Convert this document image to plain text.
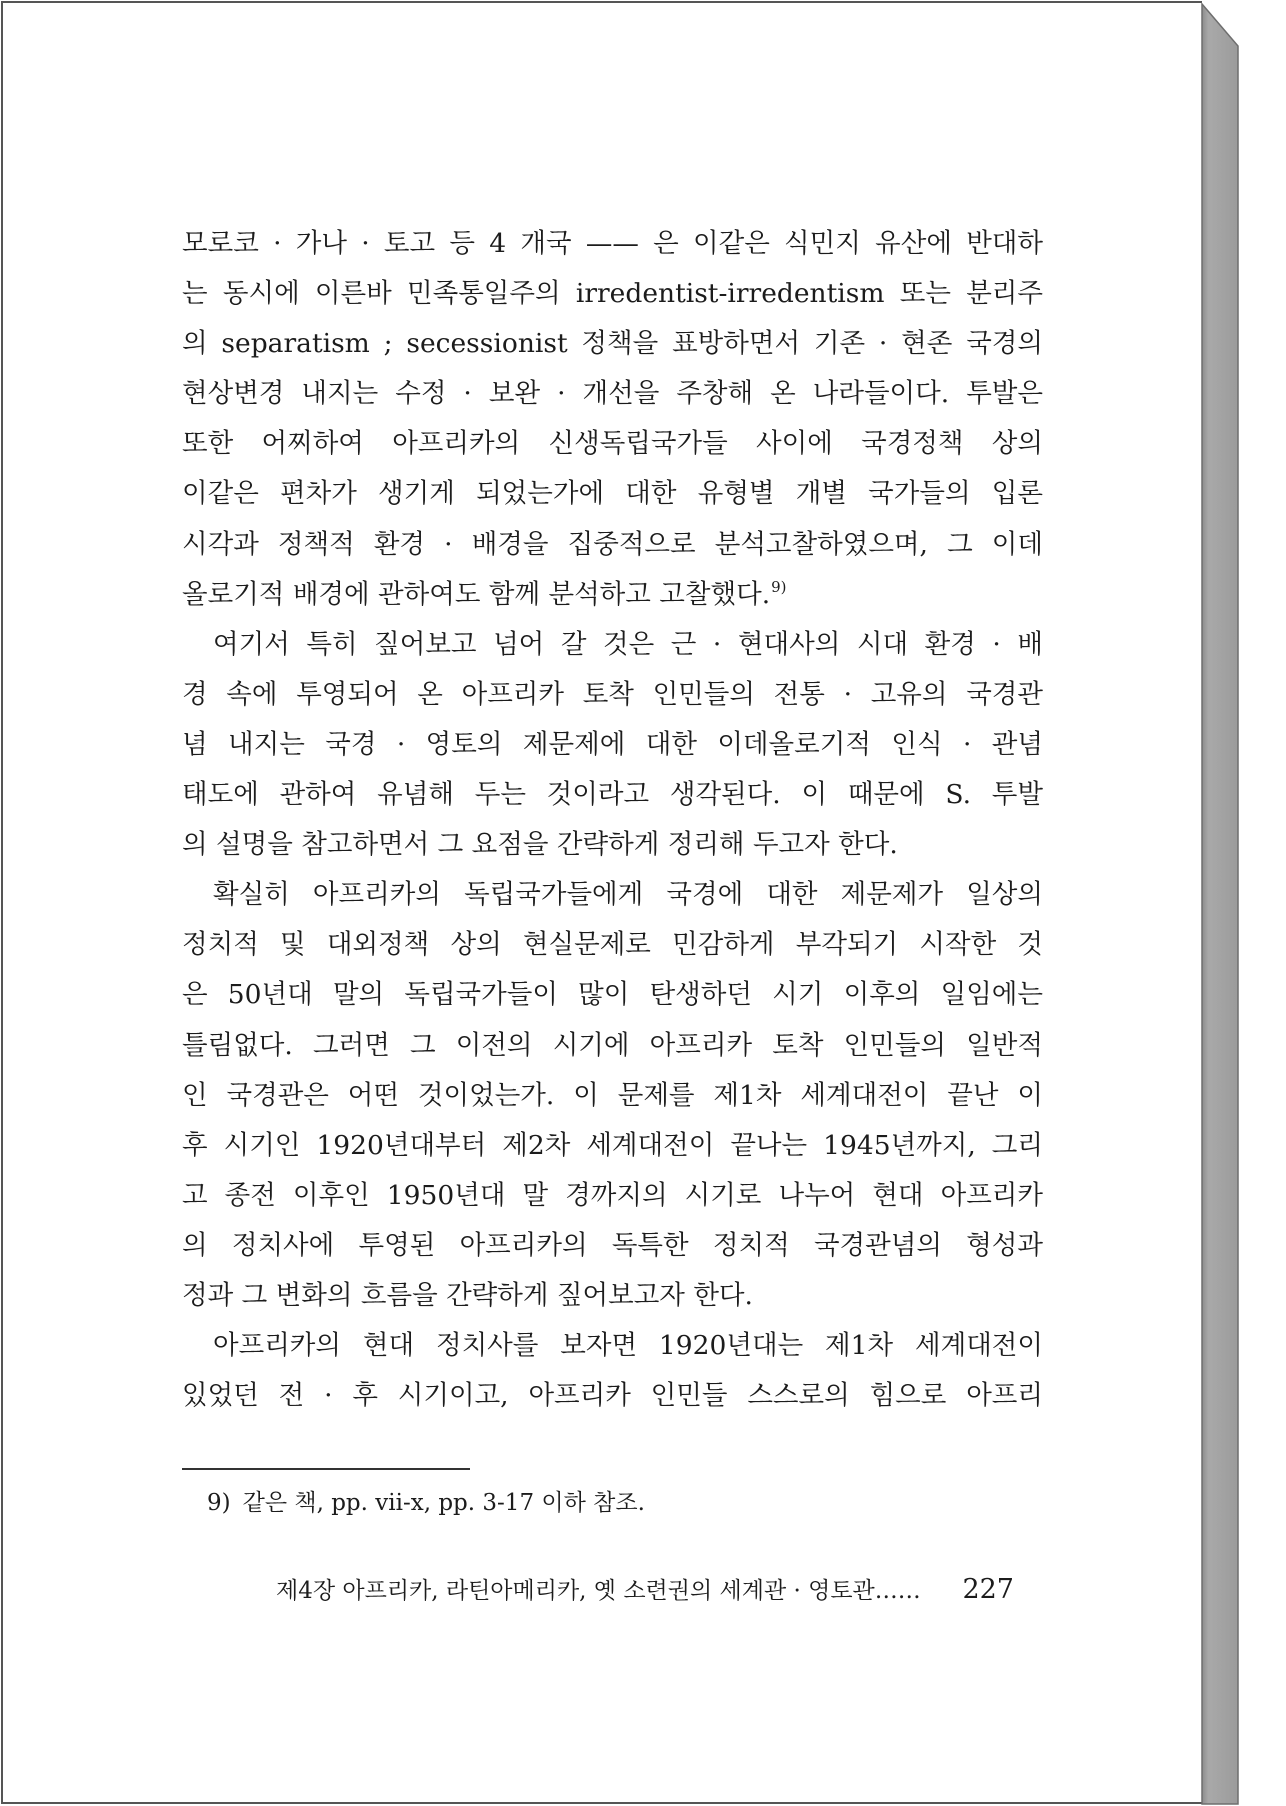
모로코 · 가나 · 토고 등 4 개국 —— 은 이같은 식민지 유산에 반대하
는 동시에 이른바 민족통일주의 irredentist-irredentism 또는 분리주
의 separatism ; secessionist 정책을 표방하면서 기존 · 현존 국경의
현상변경 내지는 수정 · 보완 · 개선을 주창해 온 나라들이다. 투발은
또한 어찌하여 아프리카의 신생독립국가들 사이에 국경정책 상의
이같은 편차가 생기게 되었는가에 대한 유형별 개별 국가들의 입론
시각과 정책적 환경 · 배경을 집중적으로 분석고찰하였으며, 그 이데
올로기적 배경에 관하여도 함께 분석하고 고찰했다.$^{9)}$
여기서 특히 짚어보고 넘어 갈 것은 근 · 현대사의 시대 환경 · 배
경 속에 투영되어 온 아프리카 토착 인민들의 전통 · 고유의 국경관
념 내지는 국경 · 영토의 제문제에 대한 이데올로기적 인식 · 관념
태도에 관하여 유념해 두는 것이라고 생각된다. 이 때문에 S. 투발
의 설명을 참고하면서 그 요점을 간략하게 정리해 두고자 한다.
확실히 아프리카의 독립국가들에게 국경에 대한 제문제가 일상의
정치적 및 대외정책 상의 현실문제로 민감하게 부각되기 시작한 것
은 50년대 말의 독립국가들이 많이 탄생하던 시기 이후의 일임에는
틀림없다. 그러면 그 이전의 시기에 아프리카 토착 인민들의 일반적
인 국경관은 어떤 것이었는가. 이 문제를 제1차 세계대전이 끝난 이
후 시기인 1920년대부터 제2차 세계대전이 끝나는 1945년까지, 그리
고 종전 이후인 1950년대 말 경까지의 시기로 나누어 현대 아프리카
의 정치사에 투영된 아프리카의 독특한 정치적 국경관념의 형성과
정과 그 변화의 흐름을 간략하게 짚어보고자 한다.
아프리카의 현대 정치사를 보자면 1920년대는 제1차 세계대전이
있었던 전 · 후 시기이고, 아프리카 인민들 스스로의 힘으로 아프리
9) 같은 책, pp. vii-x, pp. 3-17 이하 참조.
제4장 아프리카, 라틴아메리카, 옛 소련권의 세계관 · 영토관…… 227
